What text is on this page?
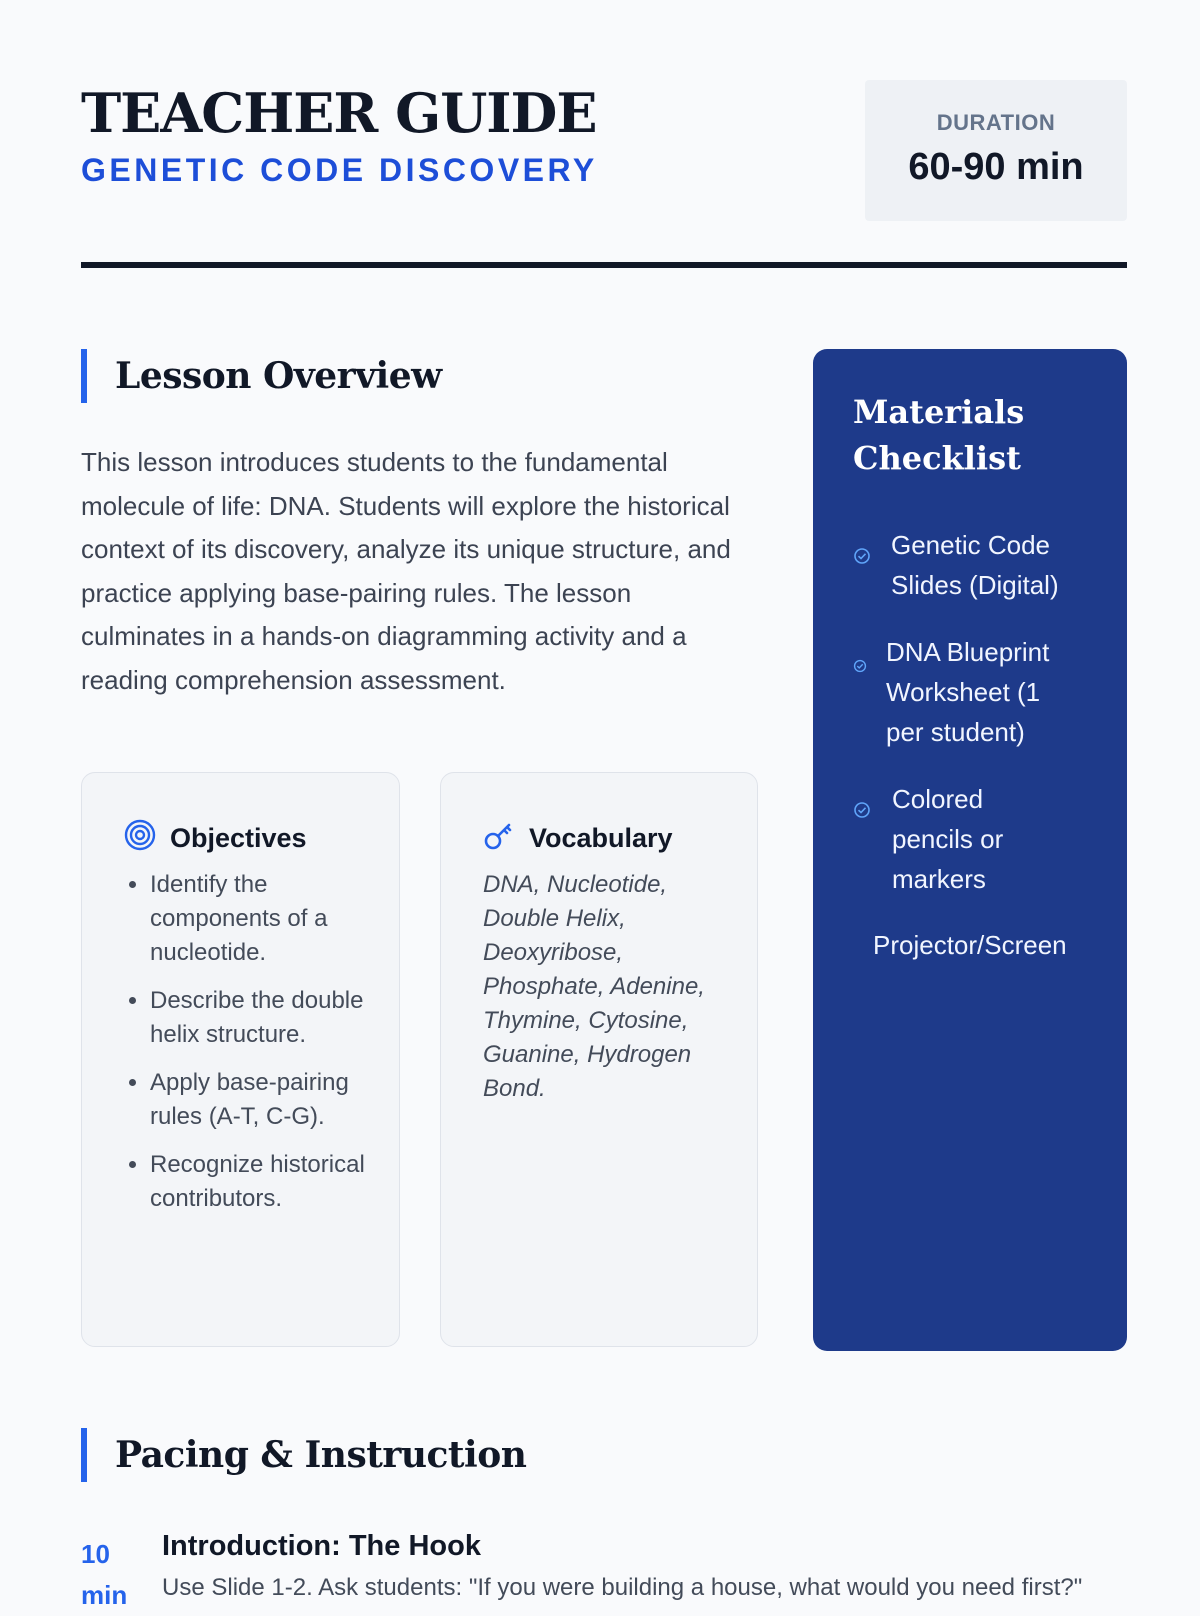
TEACHER GUIDE
GENETIC CODE DISCOVERY
DURATION
60-90 min
Lesson Overview
This lesson introduces students to the fundamental molecule of life: DNA. Students will explore the historical context of its discovery, analyze its unique structure, and practice applying base-pairing rules. The lesson culminates in a hands-on diagramming activity and a reading comprehension assessment.
Objectives
• Identify the components of a nucleotide.
• Describe the double helix structure.
• Apply base-pairing rules (A-T, C-G).
• Recognize historical contributors.
Vocabulary
DNA, Nucleotide, Double Helix, Deoxyribose, Phosphate, Adenine, Thymine, Cytosine, Guanine, Hydrogen Bond.
Materials Checklist
Genetic Code Slides (Digital)
DNA Blueprint Worksheet (1 per student)
Colored pencils or markers
Projector/Screen
Pacing & Instruction
10 min
Introduction: The Hook
Use Slide 1-2. Ask students: "If you were building a house, what would you need first?"
